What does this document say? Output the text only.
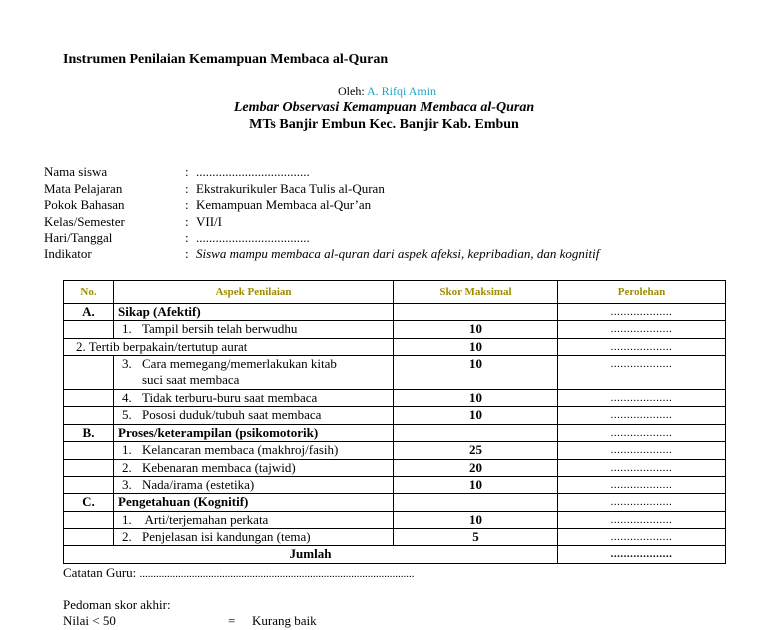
Instrumen Penilaian Kemampuan Membaca al-Quran
Oleh: A. Rifqi Amin
Lembar Observasi Kemampuan Membaca al-Quran
MTs Banjir Embun Kec. Banjir Kab. Embun
Nama siswa	: ...................................
Mata Pelajaran	: Ekstrakurikuler Baca Tulis al-Quran
Pokok Bahasan	: Kemampuan Membaca al-Qur’an
Kelas/Semester	: VII/I
Hari/Tanggal	: ...................................
Indikator	: Siswa mampu membaca al-quran dari aspek afeksi, kepribadian, dan kognitif
No.	Aspek Penilaian	Skor Maksimal	Perolehan
A.	Sikap (Afektif)		...................
	1. Tampil bersih telah berwudhu	10	...................
2. Tertib berpakain/tertutup aurat		10	...................
	3. Cara memegang/memerlakukan kitab
suci saat membaca	10	...................
	4. Tidak terburu-buru saat membaca	10	...................
	5. Pososi duduk/tubuh saat membaca	10	...................
B.	Proses/keterampilan (psikomotorik)		...................
	1. Kelancaran membaca (makhroj/fasih)	25	...................
	2. Kebenaran membaca (tajwid)	20	...................
	3. Nada/irama (estetika)	10	...................
C.	Pengetahuan (Kognitif)		...................
	1. Arti/terjemahan perkata	10	...................
	2. Penjelasan isi kandungan (tema)	5	...................
Jumlah			...................
Catatan Guru: ....................................................................................................
Pedoman skor akhir:
Nilai < 50	= Kurang baik
